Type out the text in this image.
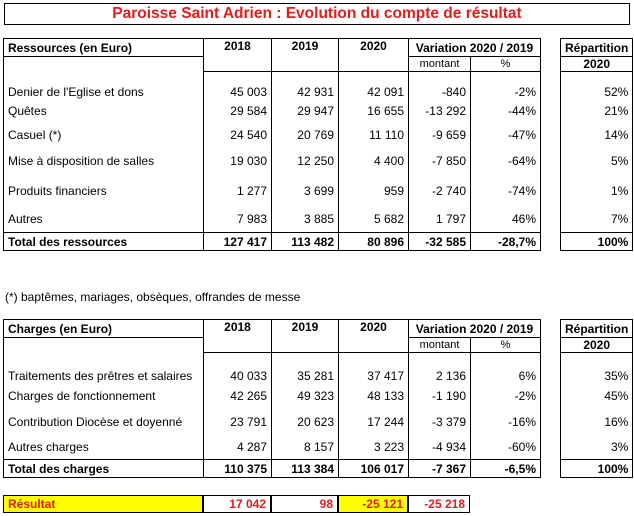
Paroisse Saint Adrien : Evolution du compte de résultat
Ressources (en Euro)	2018	2019	2020	Variation 2020 / 2019			Répartition
				montant	%		2020
Denier de l'Eglise et dons	45 003	42 931	42 091	-840	-2%		52%
Quêtes	29 584	29 947	16 655	-13 292	-44%		21%
Casuel (*)	24 540	20 769	11 110	-9 659	-47%		14%
Mise à disposition de salles	19 030	12 250	4 400	-7 850	-64%		5%
Produits financiers	1 277	3 699	959	-2 740	-74%		1%
Autres	7 983	3 885	5 682	1 797	46%		7%
Total des ressources	127 417	113 482	80 896	-32 585	-28,7%		100%
(*) baptêmes, mariages, obsèques, offrandes de messe
Charges (en Euro)	2018	2019	2020	Variation 2020 / 2019			Répartition
				montant	%		2020
Traitements des prêtres et salaires	40 033	35 281	37 417	2 136	6%		35%
Charges de fonctionnement	42 265	49 323	48 133	-1 190	-2%		45%
Contribution Diocèse et doyenné	23 791	20 623	17 244	-3 379	-16%		16%
Autres charges	4 287	8 157	3 223	-4 934	-60%		3%
Total des charges	110 375	113 384	106 017	-7 367	-6,5%		100%
Résultat	17 042	98	-25 121	-25 218
